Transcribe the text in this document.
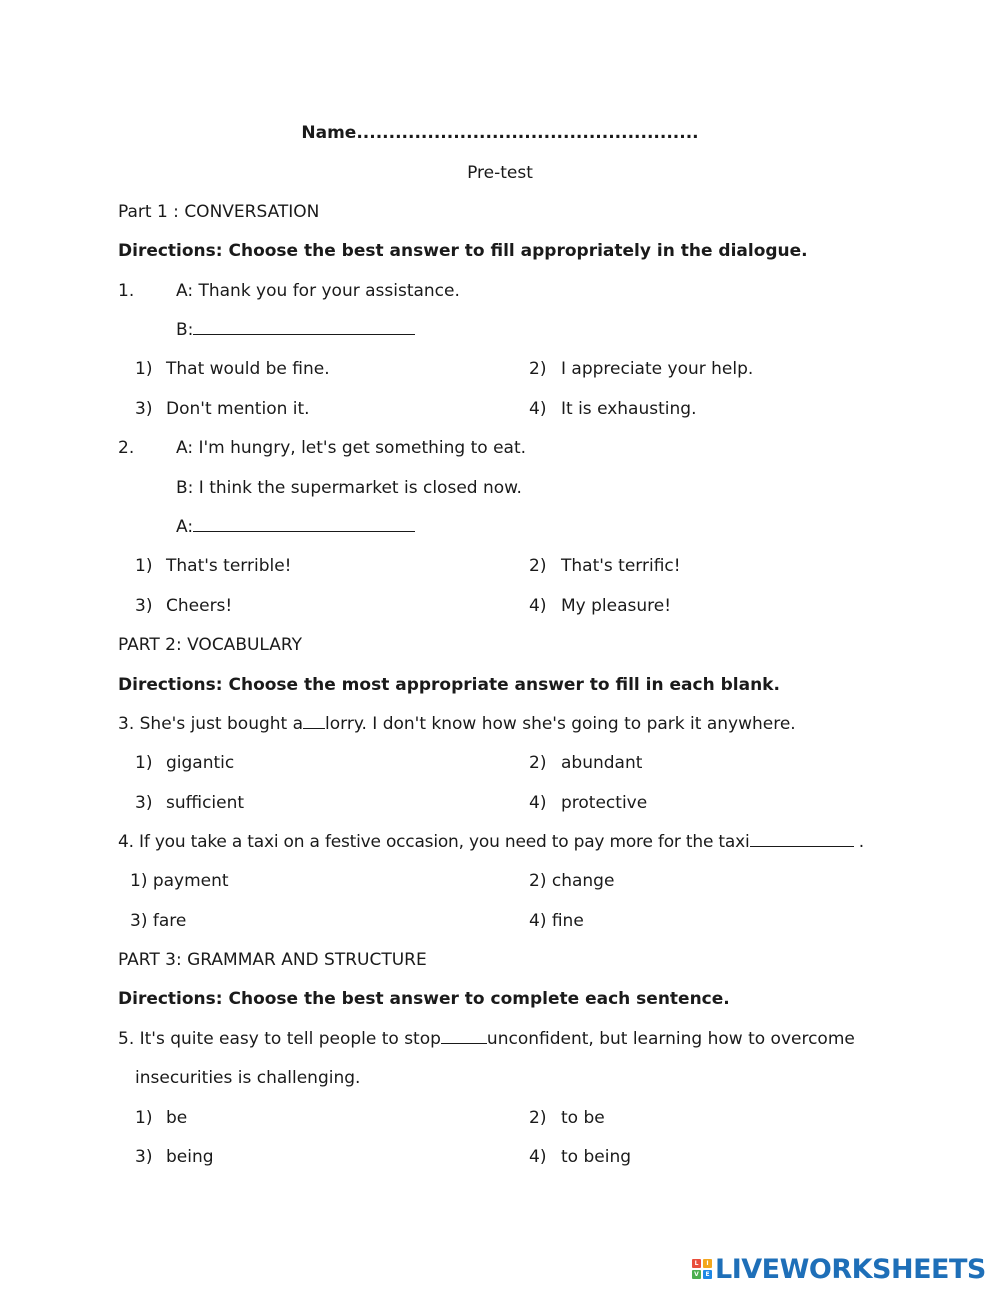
Name.....................................................
Pre-test
Part 1 : CONVERSATION
Directions: Choose the best answer to fill appropriately in the dialogue.
1. A: Thank you for your assistance.
B:
1) That would be fine.	2) I appreciate your help.
3) Don't mention it.	4) It is exhausting.
2. A: I'm hungry, let's get something to eat.
B: I think the supermarket is closed now.
A:
1) That's terrible!	2) That's terrific!
3) Cheers!	4) My pleasure!
PART 2: VOCABULARY
Directions: Choose the most appropriate answer to fill in each blank.
3. She's just bought a lorry. I don't know how she's going to park it anywhere.
1) gigantic	2) abundant
3) sufficient	4) protective
4. If you take a taxi on a festive occasion, you need to pay more for the taxi	.
1) payment	2) change
3) fare	4) fine
PART 3: GRAMMAR AND STRUCTURE
Directions: Choose the best answer to complete each sentence.
5. It's quite easy to tell people to stop	unconfident, but learning how to overcome
insecurities is challenging.
1) be	2) to be
3) being	4) to being
L	I
V	E LIVEWORKSHEETS
